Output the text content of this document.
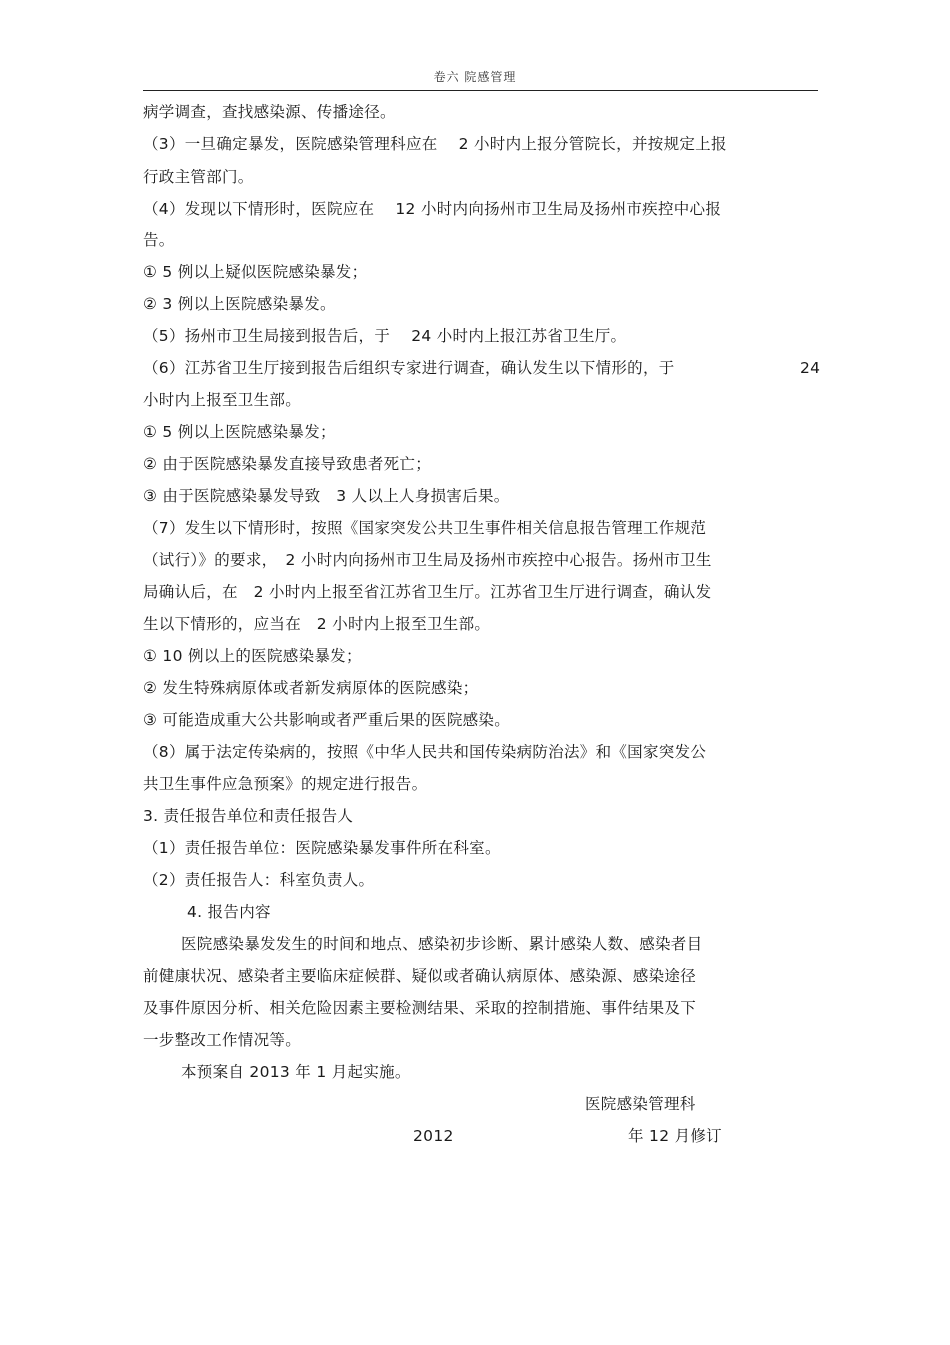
卷六 院感管理
病学调查，查找感染源、传播途径。
（3）一旦确定暴发，医院感染管理科应在　 2 小时内上报分管院长，并按规定上报
行政主管部门。
（4）发现以下情形时，医院应在　 12 小时内向扬州市卫生局及扬州市疾控中心报
告。
① 5 例以上疑似医院感染暴发；
② 3 例以上医院感染暴发。
（5）扬州市卫生局接到报告后，于　 24 小时内上报江苏省卫生厅。
（6）江苏省卫生厅接到报告后组织专家进行调查，确认发生以下情形的，于	24
小时内上报至卫生部。
① 5 例以上医院感染暴发；
② 由于医院感染暴发直接导致患者死亡；
③ 由于医院感染暴发导致　3 人以上人身损害后果。
（7）发生以下情形时，按照《国家突发公共卫生事件相关信息报告管理工作规范
（试行）》的要求，　2 小时内向扬州市卫生局及扬州市疾控中心报告。扬州市卫生
局确认后，在　2 小时内上报至省江苏省卫生厅。江苏省卫生厅进行调查，确认发
生以下情形的，应当在　2 小时内上报至卫生部。
① 10 例以上的医院感染暴发；
② 发生特殊病原体或者新发病原体的医院感染；
③ 可能造成重大公共影响或者严重后果的医院感染。
（8）属于法定传染病的，按照《中华人民共和国传染病防治法》和《国家突发公
共卫生事件应急预案》的规定进行报告。
3. 责任报告单位和责任报告人
（1）责任报告单位：医院感染暴发事件所在科室。
（2）责任报告人：科室负责人。
4. 报告内容
医院感染暴发发生的时间和地点、感染初步诊断、累计感染人数、感染者目
前健康状况、感染者主要临床症候群、疑似或者确认病原体、感染源、感染途径
及事件原因分析、相关危险因素主要检测结果、采取的控制措施、事件结果及下
一步整改工作情况等。
本预案自 2013 年 1 月起实施。
医院感染管理科
2012	年 12 月修订
